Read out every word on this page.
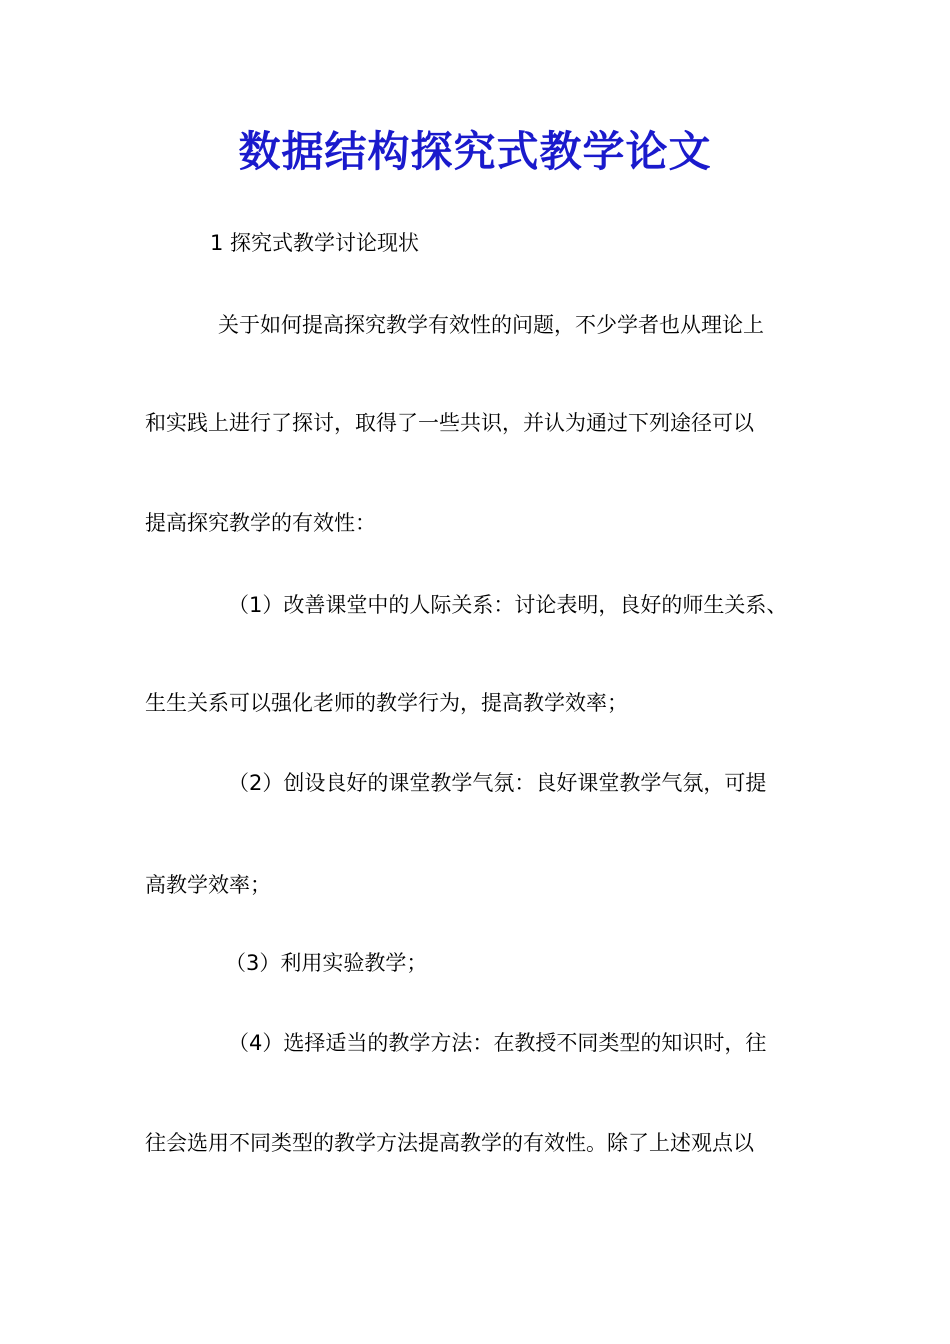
数据结构探究式教学论文
1 探究式教学讨论现状
关于如何提高探究教学有效性的问题，不少学者也从理论上
和实践上进行了探讨，取得了一些共识，并认为通过下列途径可以
提高探究教学的有效性：
（1）改善课堂中的人际关系：讨论表明，良好的师生关系、
生生关系可以强化老师的教学行为，提高教学效率；
（2）创设良好的课堂教学气氛：良好课堂教学气氛，可提
高教学效率；
（3）利用实验教学；
（4）选择适当的教学方法：在教授不同类型的知识时，往
往会选用不同类型的教学方法提高教学的有效性。除了上述观点以
